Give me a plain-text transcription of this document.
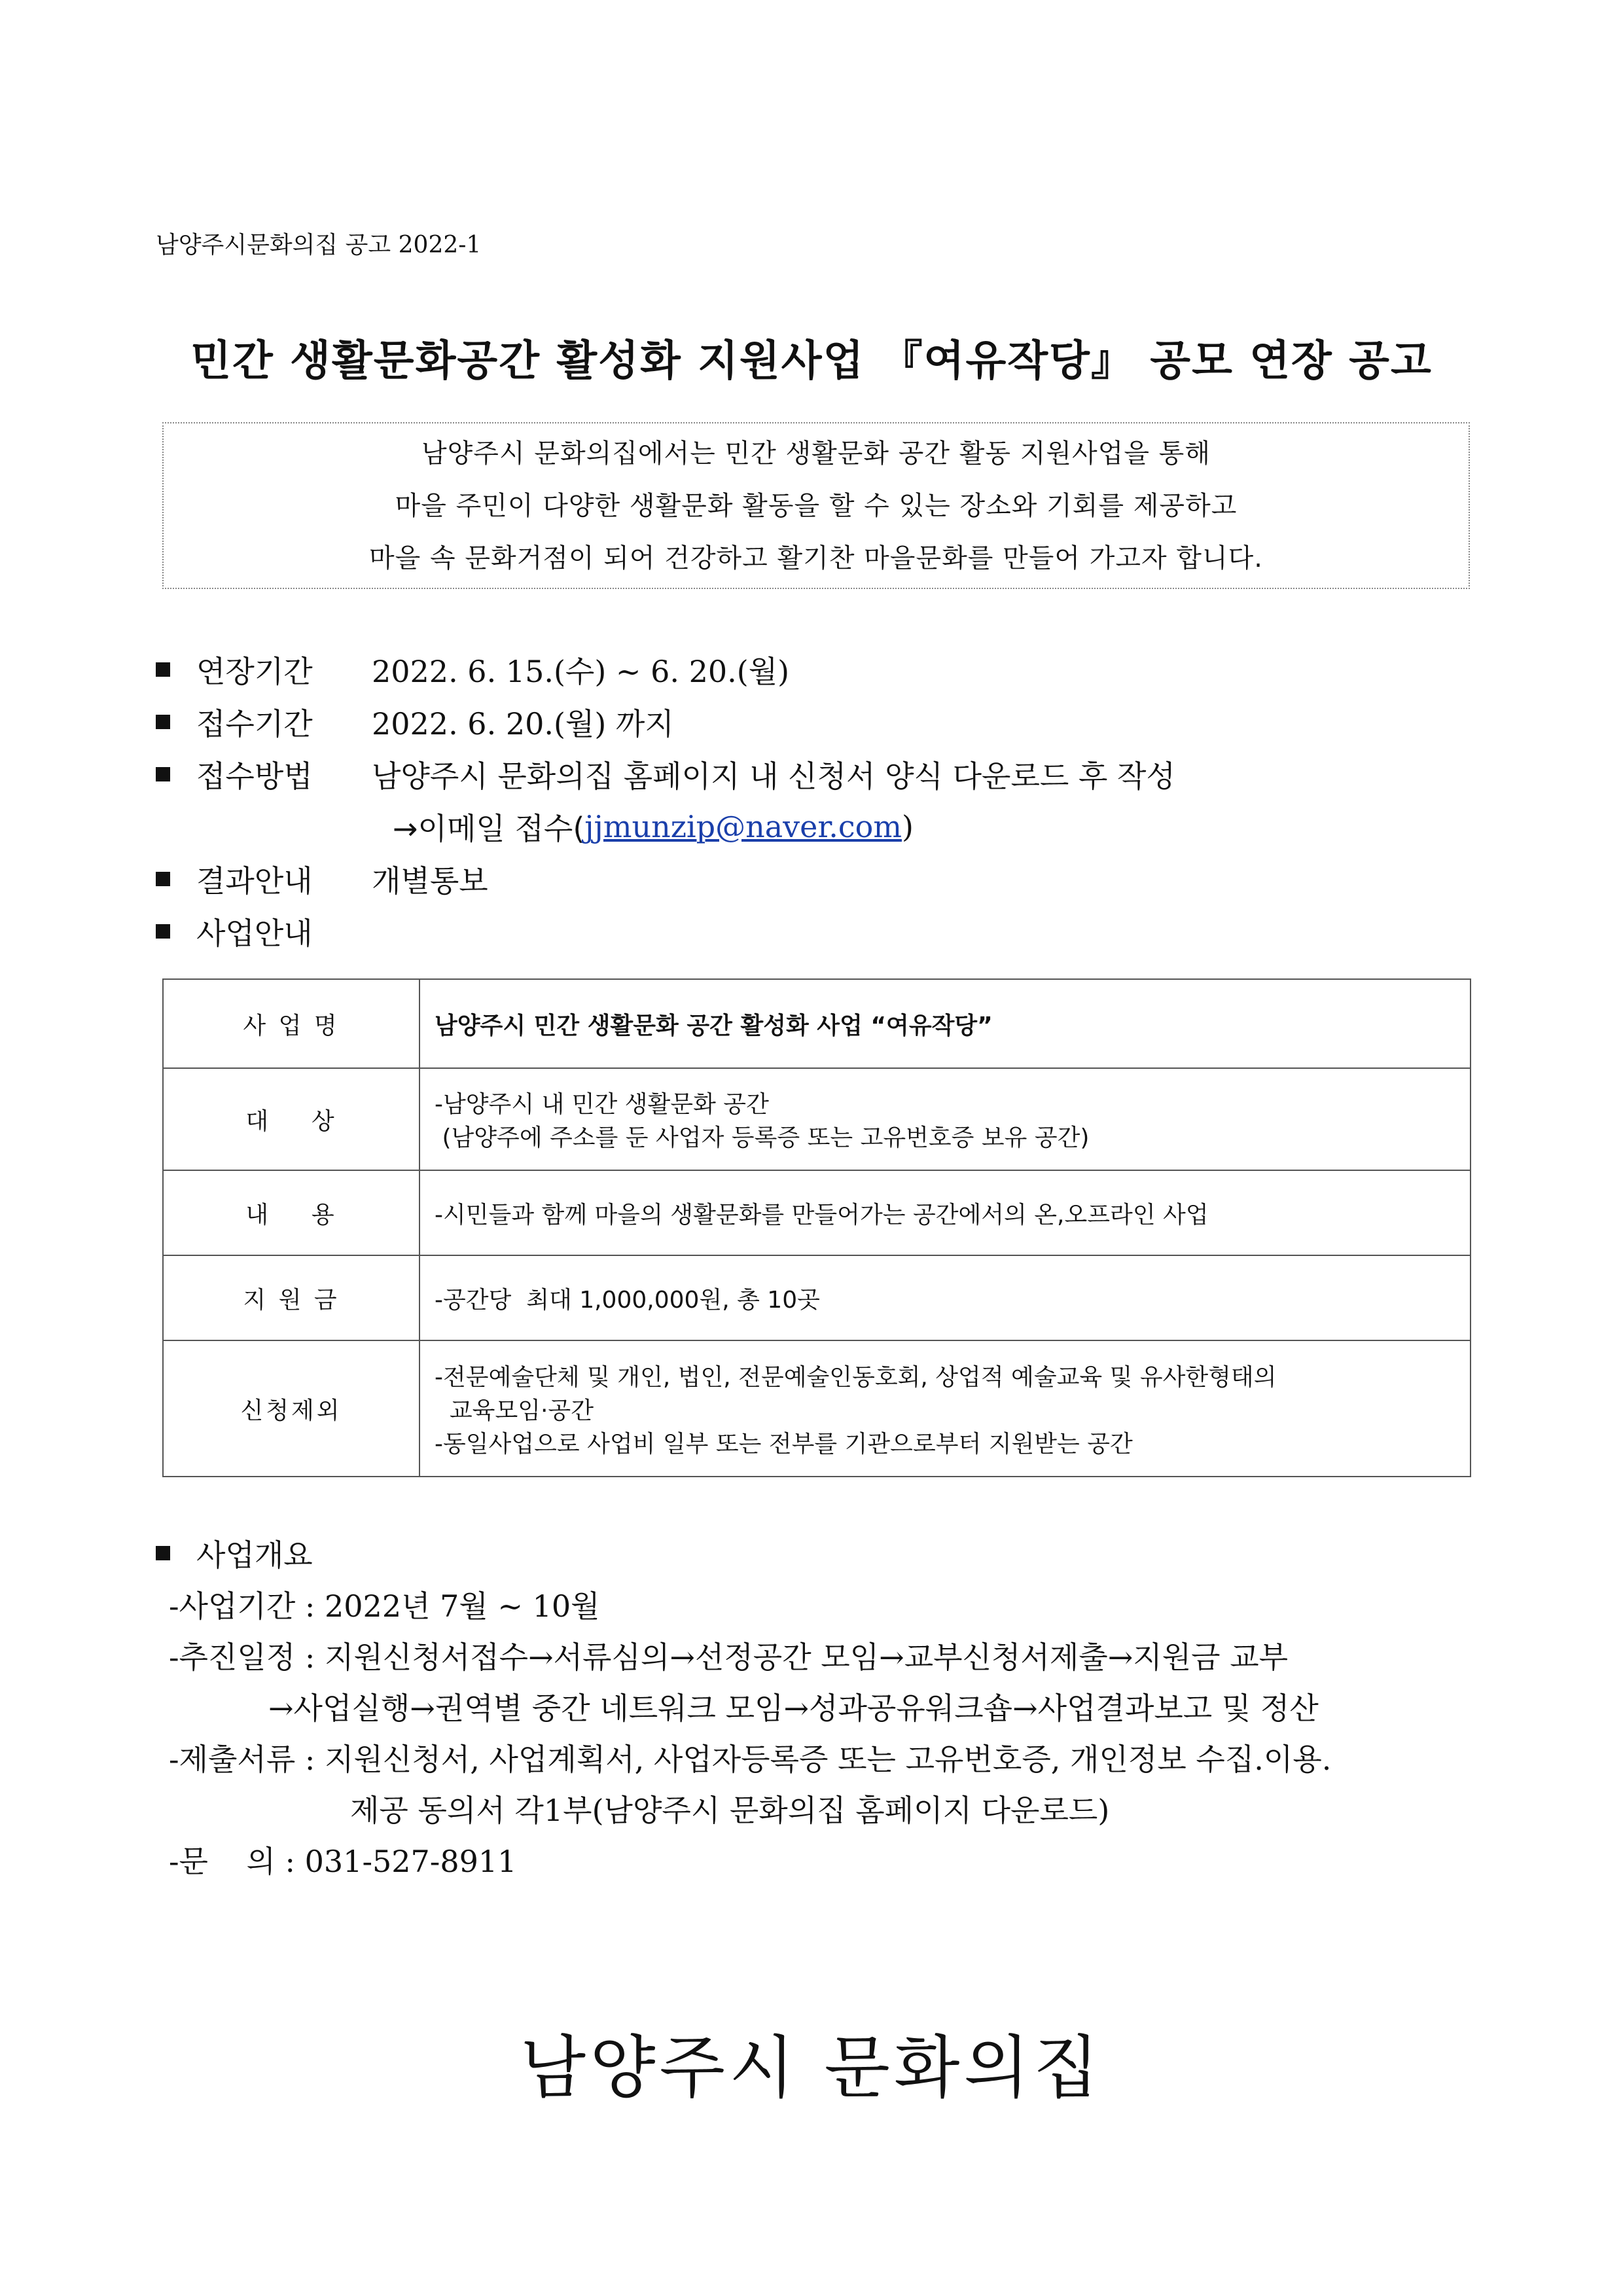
남양주시문화의집 공고 2022-1
민간 생활문화공간 활성화 지원사업 『여유작당』 공모 연장 공고
남양주시 문화의집에서는 민간 생활문화 공간 활동 지원사업을 통해
마을 주민이 다양한 생활문화 활동을 할 수 있는 장소와 기회를 제공하고
마을 속 문화거점이 되어 건강하고 활기찬 마을문화를 만들어 가고자 합니다.
연장기간	2022. 6. 15.(수) ~ 6. 20.(월)
접수기간	2022. 6. 20.(월) 까지
접수방법	남양주시 문화의집 홈페이지 내 신청서 양식 다운로드 후 작성
→이메일 접수( jjmunzip@naver.com )
결과안내	개별통보
사업안내
사 업 명	남양주시 민간 생활문화 공간 활성화 사업 “여유작당”

대    상	-남양주시 내 민간 생활문화 공간
(남양주에 주소를 둔 사업자 등록증 또는 고유번호증 보유 공간)

내    용	-시민들과 함께 마을의 생활문화를 만들어가는 공간에서의 온,오프라인 사업

지 원 금	-공간당  최대 1,000,000원, 총 10곳

신청제외	-전문예술단체 및 개인, 법인, 전문예술인동호회, 상업적 예술교육 및 유사한형태의
교육모임·공간
-동일사업으로 사업비 일부 또는 전부를 기관으로부터 지원받는 공간
사업개요
-사업기간 : 2022년 7월 ~ 10월
-추진일정 : 지원신청서접수→서류심의→선정공간 모임→교부신청서제출→지원금 교부
→사업실행→권역별 중간 네트워크 모임→성과공유워크숍→사업결과보고 및 정산
-제출서류 : 지원신청서, 사업계획서, 사업자등록증 또는 고유번호증, 개인정보 수집.이용.
제공 동의서 각1부(남양주시 문화의집 홈페이지 다운로드)
-문    의 : 031-527-8911
남양주시 문화의집
